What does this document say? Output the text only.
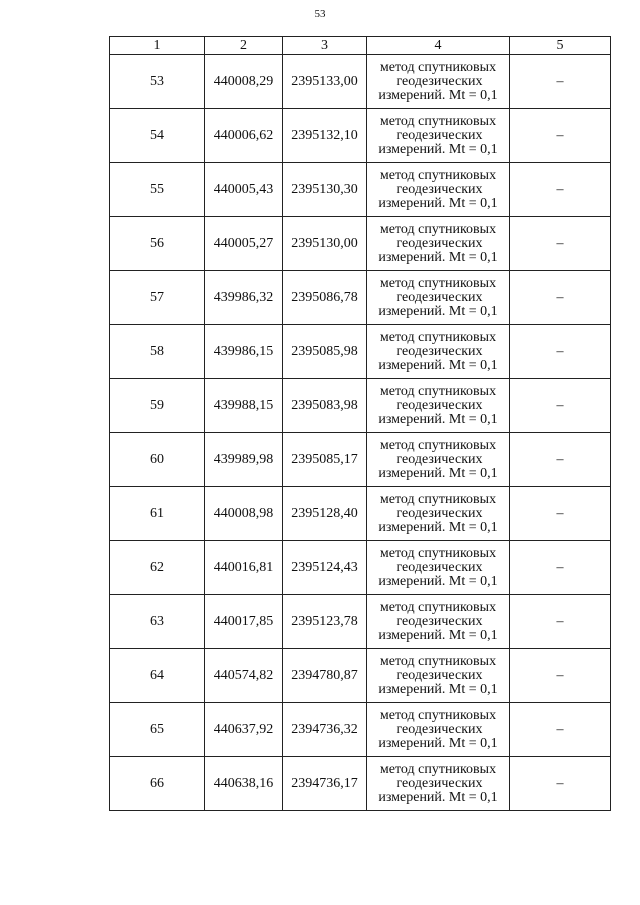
53
1	2	3	4	5
53	440008,29	2395133,00	метод спутниковых
геодезических
измерений. Mt = 0,1	–
54	440006,62	2395132,10	метод спутниковых
геодезических
измерений. Mt = 0,1	–
55	440005,43	2395130,30	метод спутниковых
геодезических
измерений. Mt = 0,1	–
56	440005,27	2395130,00	метод спутниковых
геодезических
измерений. Mt = 0,1	–
57	439986,32	2395086,78	метод спутниковых
геодезических
измерений. Mt = 0,1	–
58	439986,15	2395085,98	метод спутниковых
геодезических
измерений. Mt = 0,1	–
59	439988,15	2395083,98	метод спутниковых
геодезических
измерений. Mt = 0,1	–
60	439989,98	2395085,17	метод спутниковых
геодезических
измерений. Mt = 0,1	–
61	440008,98	2395128,40	метод спутниковых
геодезических
измерений. Mt = 0,1	–
62	440016,81	2395124,43	метод спутниковых
геодезических
измерений. Mt = 0,1	–
63	440017,85	2395123,78	метод спутниковых
геодезических
измерений. Mt = 0,1	–
64	440574,82	2394780,87	метод спутниковых
геодезических
измерений. Mt = 0,1	–
65	440637,92	2394736,32	метод спутниковых
геодезических
измерений. Mt = 0,1	–
66	440638,16	2394736,17	метод спутниковых
геодезических
измерений. Mt = 0,1	–
